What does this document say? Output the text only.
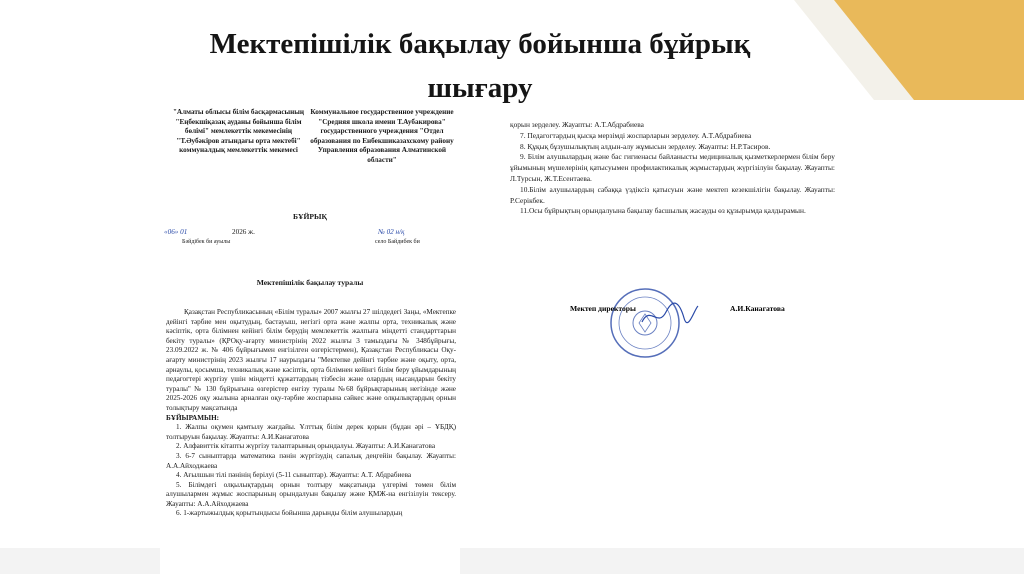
Мектепішілік бақылау бойынша бұйрық
шығару
"Алматы облысы білім басқармасының "Еңбекшіқазақ ауданы бойынша білім бөлімі" мемлекеттік мекемесінің "Т.Әубәкіров атындағы орта мектебі" коммуналдық мемлекеттік мекемесі
Коммунальное государственное учреждение "Средняя школа имени Т.Аубакирова" государственного учреждения "Отдел образования по Енбекшиказахскому району Управления образования Алматинской области"
БҰЙРЫҚ
«06» 01	2026 ж.	№ 02 н/қ
Бәйдібек би ауылы	село Байдибек би
Мектепішілік бақылау туралы

Қазақстан Республикасының «Білім туралы» 2007 жылғы 27 шілдедегі Заңы, «Мектепке дейінгі тәрбие мен оқытудың, бастауыш, негізгі орта және жалпы орта, техникалық және кәсіптік, орта білімнен кейінгі білім берудің мемлекеттік жалпыға міндетті стандарттарын бекіту туралы» (ҚРОқу-ағарту министрінің 2022 жылғы 3 тамыздағы № 348бұйрығы, 23.09.2022 ж. № 406 бұйрығымен енгізілген өзгерістермен), Қазақстан Республикасы Оқу-ағарту министрінің 2023 жылғы 17 наурыздағы "Мектепке дейінгі тәрбие және оқыту, орта, арнаулы, қосымша, техникалық және кәсіптік, орта білімнен кейінгі білім беру ұйымдарының педагогтері жүргізу үшін міндетті құжаттардың тізбесін және олардың нысандарын бекіту туралы" № 130 бұйрығына өзгерістер енгізу туралы №68 бұйрықтарының негізінде және 2025-2026 оқу жылына арналған оқу-тәрбие жоспарына сәйкес және олқылықтардың орнын толықтыру мақсатында

БҰЙЫРАМЫН:

1. Жалпы оқумен қамтылу жағдайы. Ұлттық білім дерек қорын (бұдан әрі – ҰБДҚ) толтыруын бақылау. Жауапты: А.И.Канагатова

2. Алфавиттік кітапты жүргізу талаптарының орындалуы. Жауапты: А.И.Канагатова

3. 6-7 сыныптарда математика пәнін жүргізудің сапалық деңгейін бақылау. Жауапты: А.А.Айходжаева

4. Ағылшын тілі пәнінің берілуі (5-11 сыныптар). Жауапты: А.Т. Абдрабиева

5. Білімдегі олқылықтардың орнын толтыру мақсатында үлгерімі төмен білім алушылармен жұмыс жоспарының орындалуын бақылау және ҚМЖ-на енгізілуін тексеру. Жауапты: А.А.Айходжаева

6. 1-жартыжылдық қорытындысы бойынша дарынды білім алушылардың

қорын зерделеу. Жауапты: А.Т.Абдрабиева

7. Педагогтардың қысқа мерзімді жоспарларын зерделеу. А.Т.Абдрабиева

8. Құқық бұзушылықтың алдын-алу жұмысын зерделеу. Жауапты: Н.Р.Тасиров.

9. Білім алушылардың және бас гигиенасы байланысты медициналық қызметкерлермен білім беру ұйымының мүшелерінің қатысуымен профилактикалық жұмыстардың жүргізілуін бақылау. Жауапты: Л.Турсын, Ж.Т.Есентаева.

10.Білім алушылардың сабаққа үздіксіз қатысуын және мектеп кезекшілігін бақылау. Жауапты: Р.Серікбек.

11.Осы бұйрықтың орындалуына бақылау басшылық жасауды өз құзырымда қалдырамын.

Мектеп директоры	А.И.Канагатова
